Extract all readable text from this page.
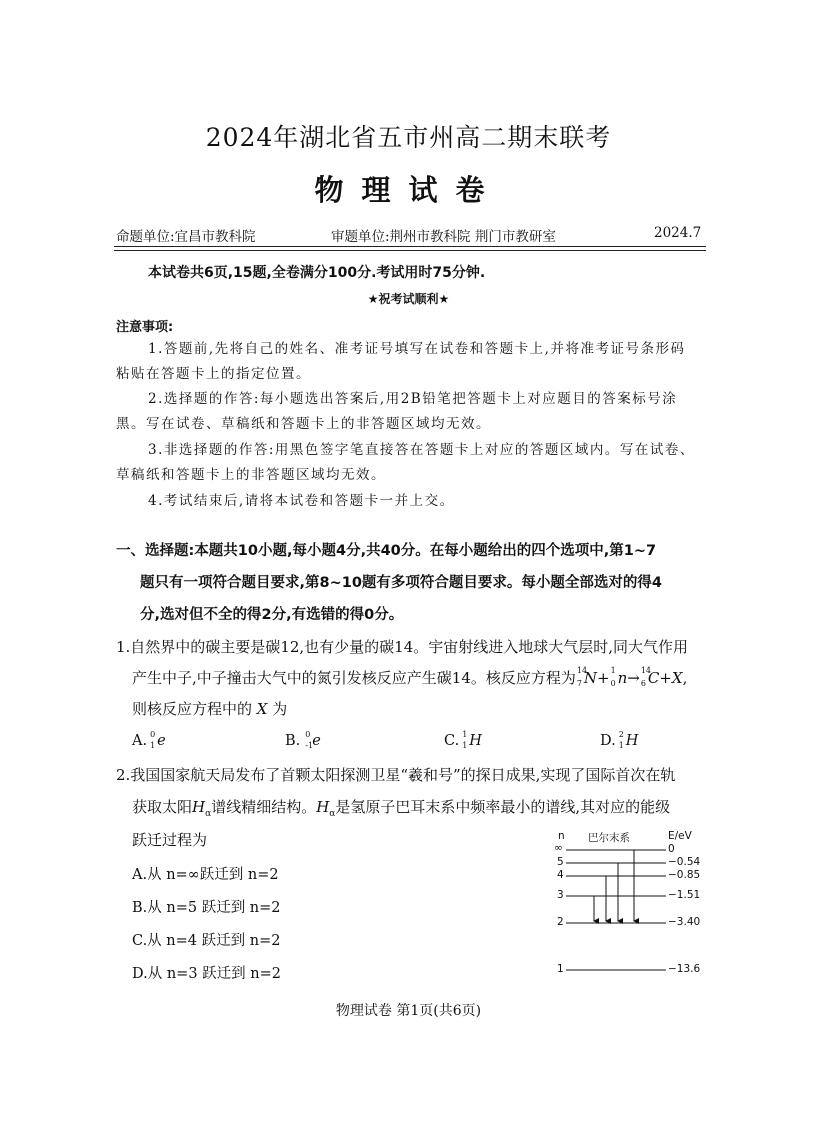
2024年湖北省五市州高二期末联考
物理试卷
命题单位:宜昌市教科院	审题单位:荆州市教科院 荆门市教研室	2024.7
本试卷共6页,15题,全卷满分100分.考试用时75分钟.
★祝考试顺利★
注意事项:
1.答题前,先将自己的姓名、准考证号填写在试卷和答题卡上,并将准考证号条形码
粘贴在答题卡上的指定位置。
2.选择题的作答:每小题选出答案后,用2B铅笔把答题卡上对应题目的答案标号涂
黑。写在试卷、草稿纸和答题卡上的非答题区域均无效。
3.非选择题的作答:用黑色签字笔直接答在答题卡上对应的答题区域内。写在试卷、
草稿纸和答题卡上的非答题区域均无效。
4.考试结束后,请将本试卷和答题卡一并上交。
一、选择题:本题共10小题,每小题4分,共40分。在每小题给出的四个选项中,第1~7
题只有一项符合题目要求,第8~10题有多项符合题目要求。每小题全部选对的得4
分,选对但不全的得2分,有选错的得0分。
1.自然界中的碳主要是碳12,也有少量的碳14。宇宙射线进入地球大气层时,同大气作用
产生中子,中子撞击大气中的氮引发核反应产生碳14。核反应方程为 14
7 N+ 1
0 n→ 14
6 C+X,
则核反应方程中的 X 为
A. 0
1 e	B. 0
-1 e	C. 1
1 H	D. 2
1 H
2.我国国家航天局发布了首颗太阳探测卫星“羲和号”的探日成果,实现了国际首次在轨
获取太阳$H_\alpha$谱线精细结构。$H_\alpha$是氢原子巴耳末系中频率最小的谱线,其对应的能级
跃迁过程为
A.从 n=∞跃迁到 n=2
B.从 n=5 跃迁到 n=2
C.从 n=4 跃迁到 n=2
D.从 n=3 跃迁到 n=2
n 巴尔末系	E/eV
∞
5
4
3
2
1
0
−0.54
−0.85
−1.51
−3.40
−13.6
物理试卷 第1页(共6页)
